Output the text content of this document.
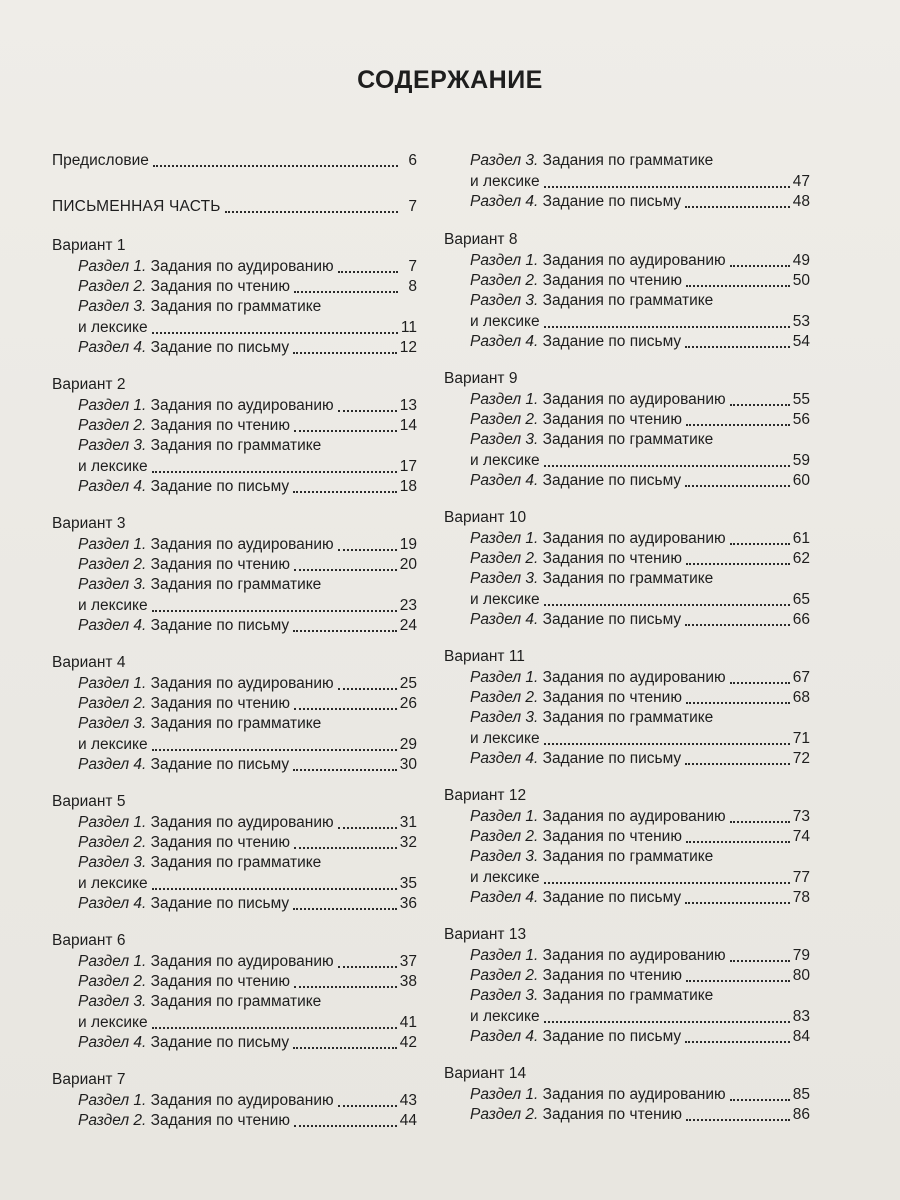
СОДЕРЖАНИЕ
Предисловие	6
ПИСЬМЕННАЯ ЧАСТЬ	7
Вариант 1
Раздел 1. Задания по аудированию	7
Раздел 2. Задания по чтению	8
Раздел 3. Задания по грамматике
и лексике	11
Раздел 4. Задание по письму	12
Вариант 2
Раздел 1. Задания по аудированию	13
Раздел 2. Задания по чтению	14
Раздел 3. Задания по грамматике
и лексике	17
Раздел 4. Задание по письму	18
Вариант 3
Раздел 1. Задания по аудированию	19
Раздел 2. Задания по чтению	20
Раздел 3. Задания по грамматике
и лексике	23
Раздел 4. Задание по письму	24
Вариант 4
Раздел 1. Задания по аудированию	25
Раздел 2. Задания по чтению	26
Раздел 3. Задания по грамматике
и лексике	29
Раздел 4. Задание по письму	30
Вариант 5
Раздел 1. Задания по аудированию	31
Раздел 2. Задания по чтению	32
Раздел 3. Задания по грамматике
и лексике	35
Раздел 4. Задание по письму	36
Вариант 6
Раздел 1. Задания по аудированию	37
Раздел 2. Задания по чтению	38
Раздел 3. Задания по грамматике
и лексике	41
Раздел 4. Задание по письму	42
Вариант 7
Раздел 1. Задания по аудированию	43
Раздел 2. Задания по чтению	44
Раздел 3. Задания по грамматике
и лексике	47
Раздел 4. Задание по письму	48
Вариант 8
Раздел 1. Задания по аудированию	49
Раздел 2. Задания по чтению	50
Раздел 3. Задания по грамматике
и лексике	53
Раздел 4. Задание по письму	54
Вариант 9
Раздел 1. Задания по аудированию	55
Раздел 2. Задания по чтению	56
Раздел 3. Задания по грамматике
и лексике	59
Раздел 4. Задание по письму	60
Вариант 10
Раздел 1. Задания по аудированию	61
Раздел 2. Задания по чтению	62
Раздел 3. Задания по грамматике
и лексике	65
Раздел 4. Задание по письму	66
Вариант 11
Раздел 1. Задания по аудированию	67
Раздел 2. Задания по чтению	68
Раздел 3. Задания по грамматике
и лексике	71
Раздел 4. Задание по письму	72
Вариант 12
Раздел 1. Задания по аудированию	73
Раздел 2. Задания по чтению	74
Раздел 3. Задания по грамматике
и лексике	77
Раздел 4. Задание по письму	78
Вариант 13
Раздел 1. Задания по аудированию	79
Раздел 2. Задания по чтению	80
Раздел 3. Задания по грамматике
и лексике	83
Раздел 4. Задание по письму	84
Вариант 14
Раздел 1. Задания по аудированию	85
Раздел 2. Задания по чтению	86
